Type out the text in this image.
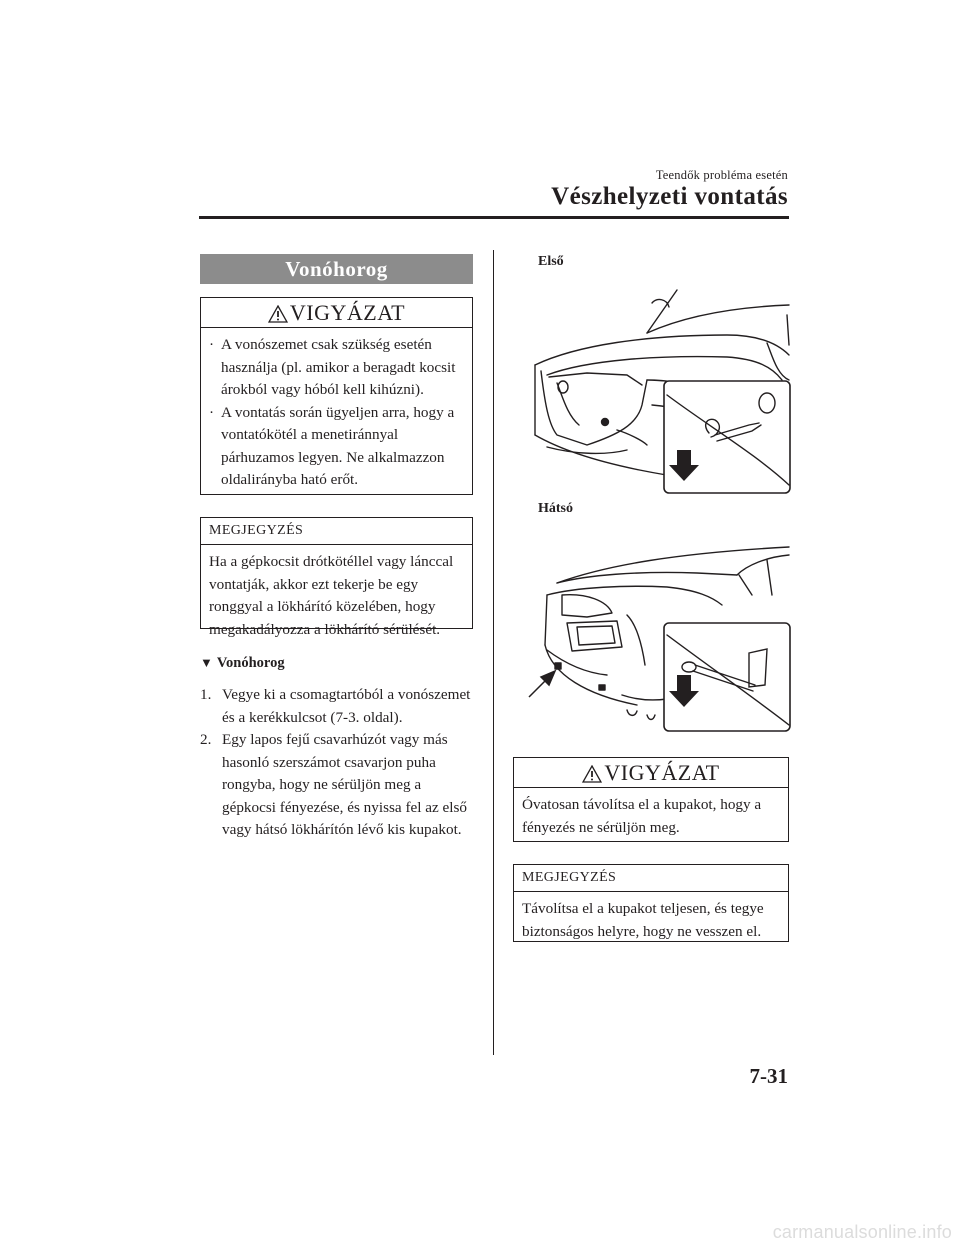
Teendők probléma esetén
Vészhelyzeti vontatás
Vonóhorog
VIGYÁZAT
· A vonószemet csak szükség esetén használja (pl. amikor a beragadt kocsit árokból vagy hóból kell kihúzni).
· A vontatás során ügyeljen arra, hogy a vontatókötél a menetiránnyal párhuzamos legyen. Ne alkalmazzon oldalirányba ható erőt.
MEGJEGYZÉS
Ha a gépkocsit drótkötéllel vagy lánccal vontatják, akkor ezt tekerje be egy ronggyal a lökhárító közelében, hogy megakadályozza a lökhárító sérülését.
▼ Vonóhorog
1. Vegye ki a csomagtartóból a vonószemet és a kerékkulcsot (7-3. oldal).
2. Egy lapos fejű csavarhúzót vagy más hasonló szerszámot csavarjon puha rongyba, hogy ne sérüljön meg a gépkocsi fényezése, és nyissa fel az első vagy hátsó lökhárítón lévő kis kupakot.
Első
Hátsó
VIGYÁZAT
Óvatosan távolítsa el a kupakot, hogy a fényezés ne sérüljön meg.
MEGJEGYZÉS
Távolítsa el a kupakot teljesen, és tegye biztonságos helyre, hogy ne vesszen el.
7-31
carmanualsonline.info
